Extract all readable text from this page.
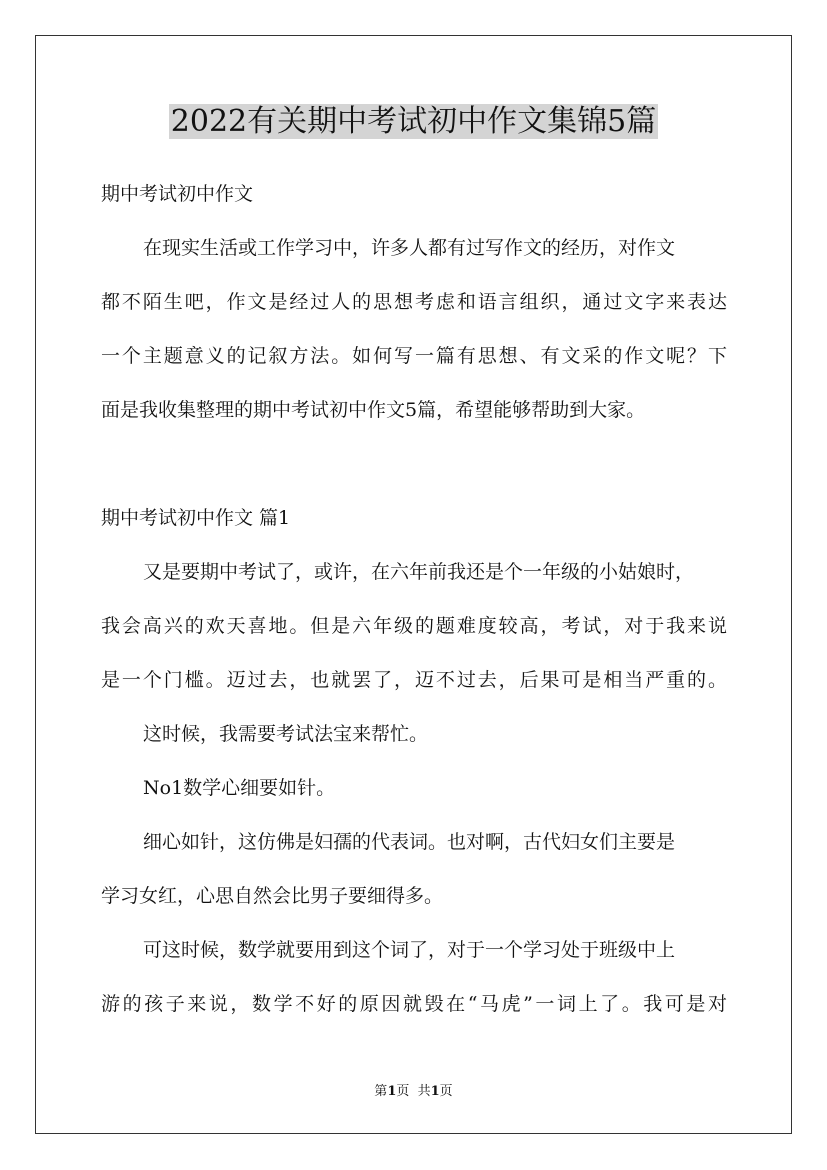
2022有关期中考试初中作文集锦5篇

期中考试初中作文

在现实生活或工作学习中，许多人都有过写作文的经历，对作文

都不陌生吧，作文是经过人的思想考虑和语言组织，通过文字来表达

一个主题意义的记叙方法。如何写一篇有思想、有文采的作文呢？下

面是我收集整理的期中考试初中作文5篇，希望能够帮助到大家。

期中考试初中作文 篇1

又是要期中考试了，或许，在六年前我还是个一年级的小姑娘时，

我会高兴的欢天喜地。但是六年级的题难度较高，考试，对于我来说

是一个门槛。迈过去，也就罢了，迈不过去，后果可是相当严重的。

这时候，我需要考试法宝来帮忙。

No1数学心细要如针。

细心如针，这仿佛是妇孺的代表词。也对啊，古代妇女们主要是

学习女红，心思自然会比男子要细得多。

可这时候，数学就要用到这个词了，对于一个学习处于班级中上

游的孩子来说，数学不好的原因就毁在“马虎”一词上了。我可是对

第1页  共1页
